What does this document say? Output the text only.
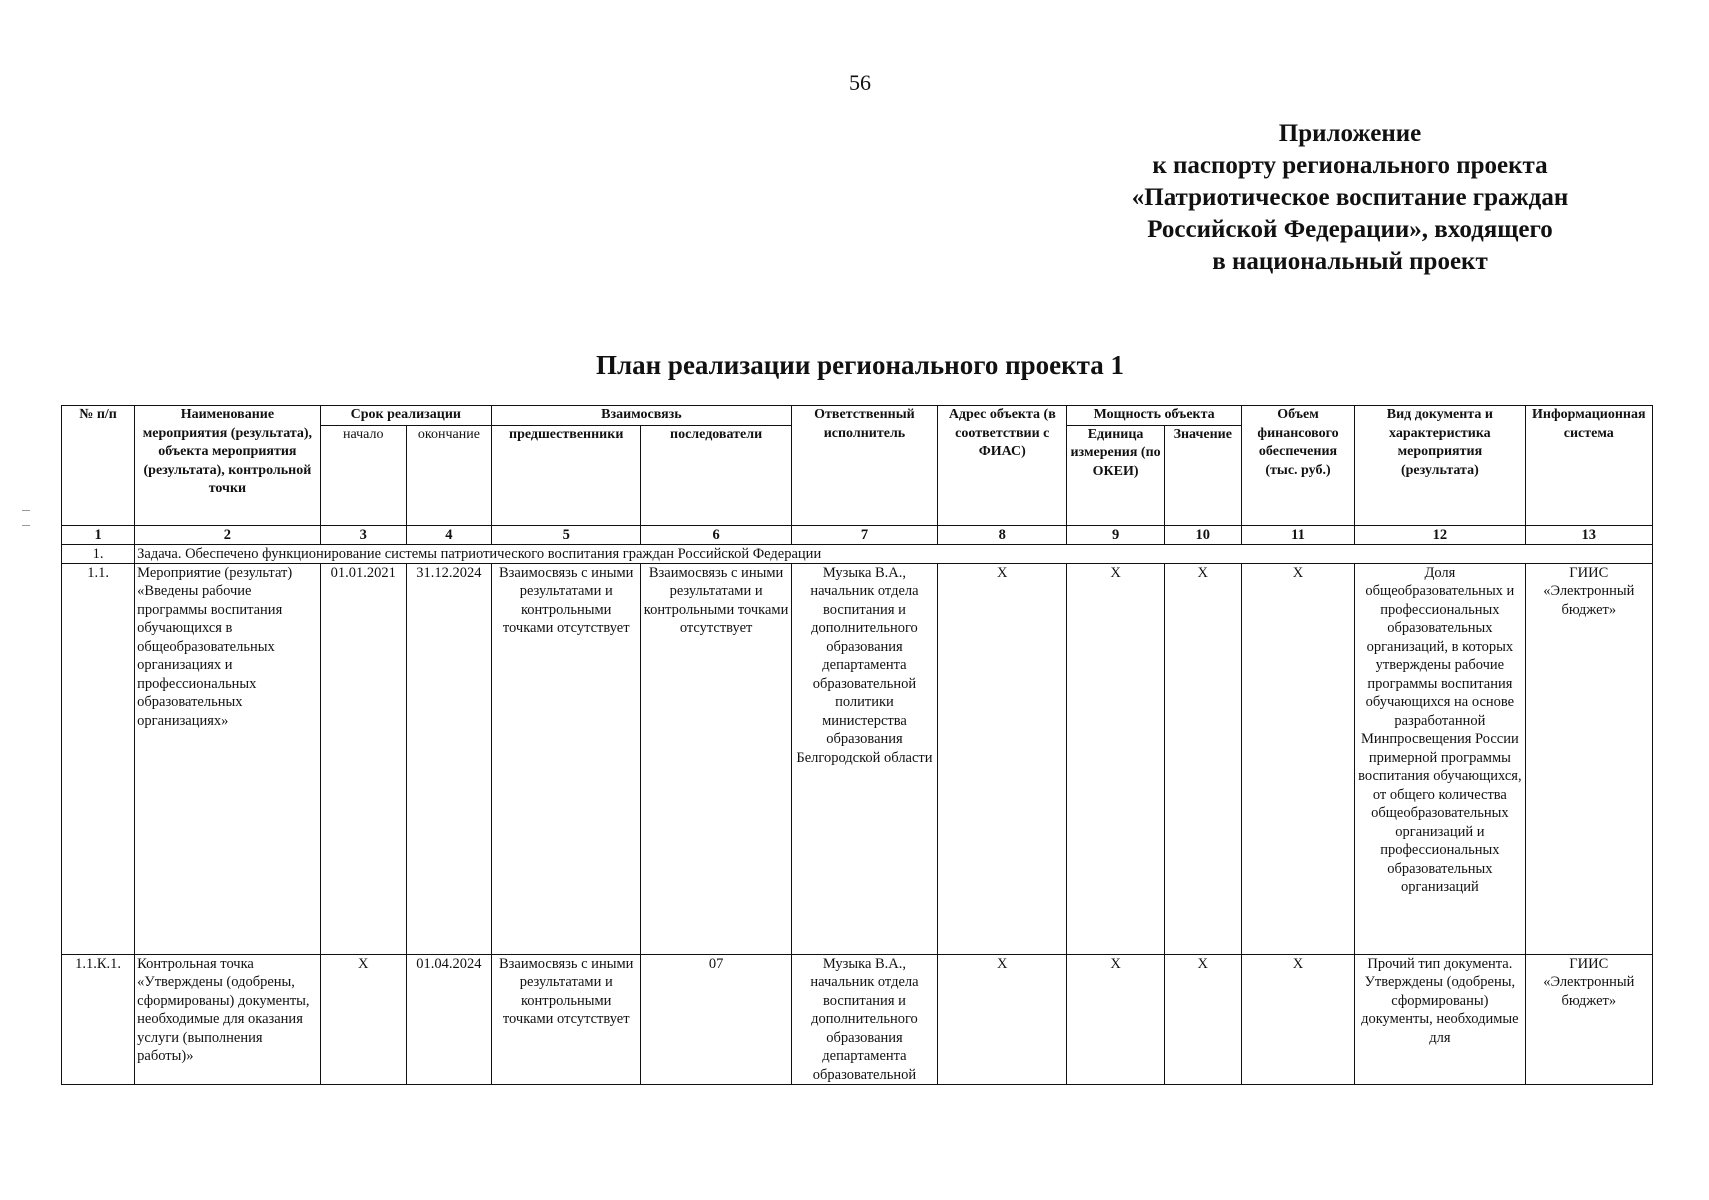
56
Приложение
к паспорту регионального проекта
«Патриотическое воспитание граждан
Российской Федерации», входящего
в национальный проект
План реализации регионального проекта 1
№ п/п	Наименование мероприятия (результата), объекта мероприятия (результата), контрольной точки	Срок реализации		Взаимосвязь		Ответственный исполнитель	Адрес объекта (в соответствии с ФИАС)	Мощность объекта		Объем финансового обеспечения (тыс. руб.)	Вид документа и характеристика мероприятия (результата)	Информационная система
		начало	окончание	предшественники	последователи			Единица измерения (по ОКЕИ)	Значение			
1	2	3	4	5	6	7	8	9	10	11	12	13
1.	Задача. Обеспечено функционирование системы патриотического воспитания граждан Российской Федерации											
1.1.	Мероприятие (результат) «Введены рабочие программы воспитания обучающихся в общеобразовательных организациях и профессиональных образовательных организациях»	01.01.2021	31.12.2024	Взаимосвязь с иными результатами и контрольными точками отсутствует	Взаимосвязь с иными результатами и контрольными точками отсутствует	Музыка В.А., начальник отдела воспитания и дополнительного образования департамента образовательной политики министерства образования Белгородской области	Х	Х	Х	Х	Доля общеобразовательных и профессиональных образовательных организаций, в которых утверждены рабочие программы воспитания обучающихся на основе разработанной Минпросвещения России примерной программы воспитания обучающихся, от общего количества общеобразовательных организаций и профессиональных образовательных организаций	ГИИС «Электронный бюджет»
1.1.К.1.	Контрольная точка «Утверждены (одобрены, сформированы) документы, необходимые для оказания услуги (выполнения работы)»	Х	01.04.2024	Взаимосвязь с иными результатами и контрольными точками отсутствует	07	Музыка В.А., начальник отдела воспитания и дополнительного образования департамента образовательной	Х	Х	Х	Х	Прочий тип документа. Утверждены (одобрены, сформированы) документы, необходимые для	ГИИС «Электронный бюджет»
